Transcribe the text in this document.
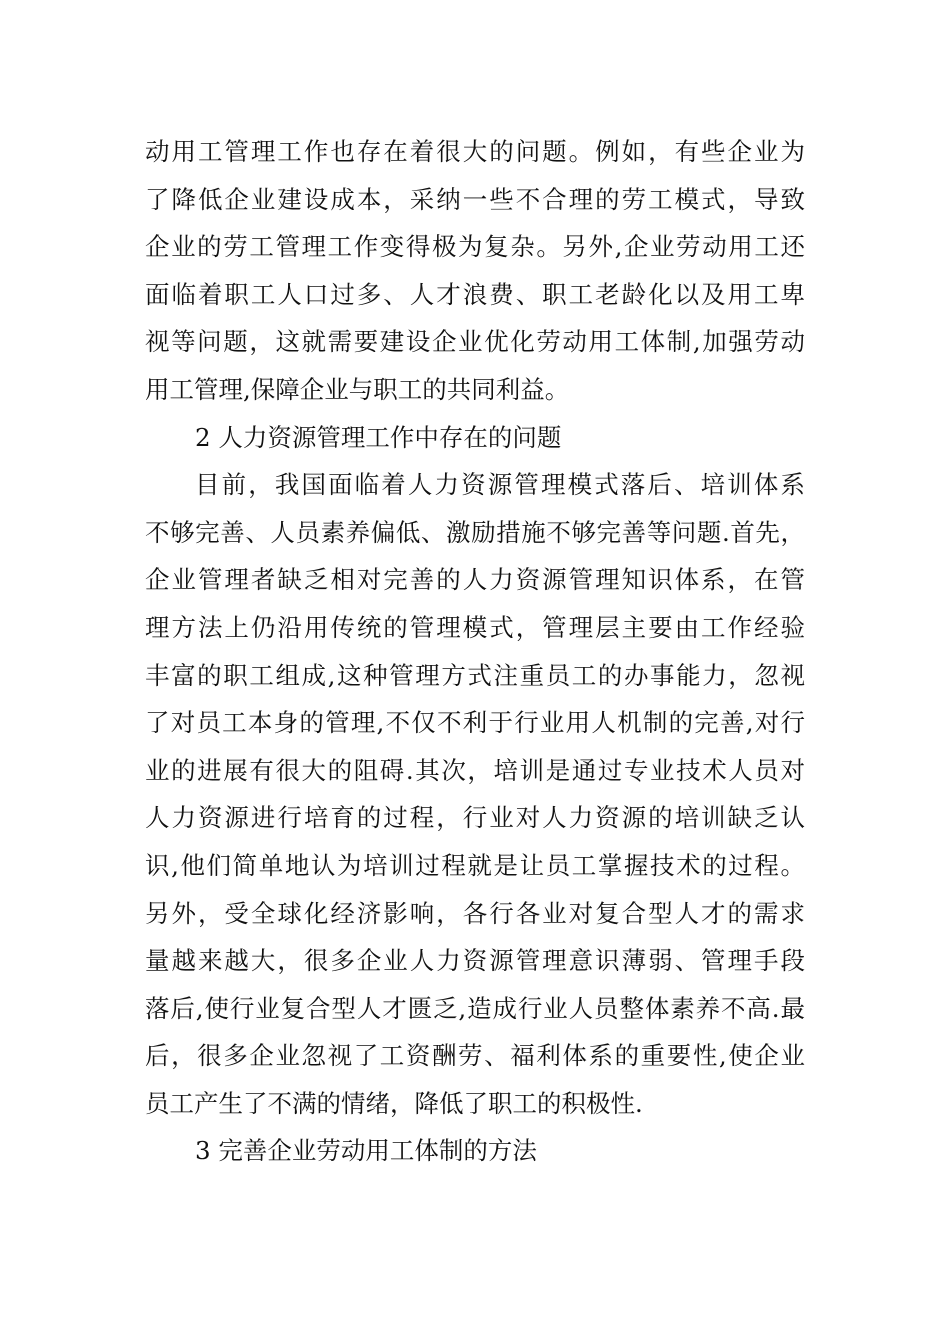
动用工管理工作也存在着很大的问题。例如，有些企业为
了降低企业建设成本，采纳一些不合理的劳工模式，导致
企业的劳工管理工作变得极为复杂。另外,企业劳动用工还
面临着职工人口过多、人才浪费、职工老龄化以及用工卑
视等问题，这就需要建设企业优化劳动用工体制,加强劳动
用工管理,保障企业与职工的共同利益。
2 人力资源管理工作中存在的问题
目前，我国面临着人力资源管理模式落后、培训体系
不够完善、人员素养偏低、激励措施不够完善等问题.首先，
企业管理者缺乏相对完善的人力资源管理知识体系，在管
理方法上仍沿用传统的管理模式，管理层主要由工作经验
丰富的职工组成,这种管理方式注重员工的办事能力，忽视
了对员工本身的管理,不仅不利于行业用人机制的完善,对行
业的进展有很大的阻碍.其次，培训是通过专业技术人员对
人力资源进行培育的过程，行业对人力资源的培训缺乏认
识,他们简单地认为培训过程就是让员工掌握技术的过程。
另外，受全球化经济影响，各行各业对复合型人才的需求
量越来越大，很多企业人力资源管理意识薄弱、管理手段
落后,使行业复合型人才匮乏,造成行业人员整体素养不高.最
后，很多企业忽视了工资酬劳、福利体系的重要性,使企业
员工产生了不满的情绪，降低了职工的积极性.
3 完善企业劳动用工体制的方法
